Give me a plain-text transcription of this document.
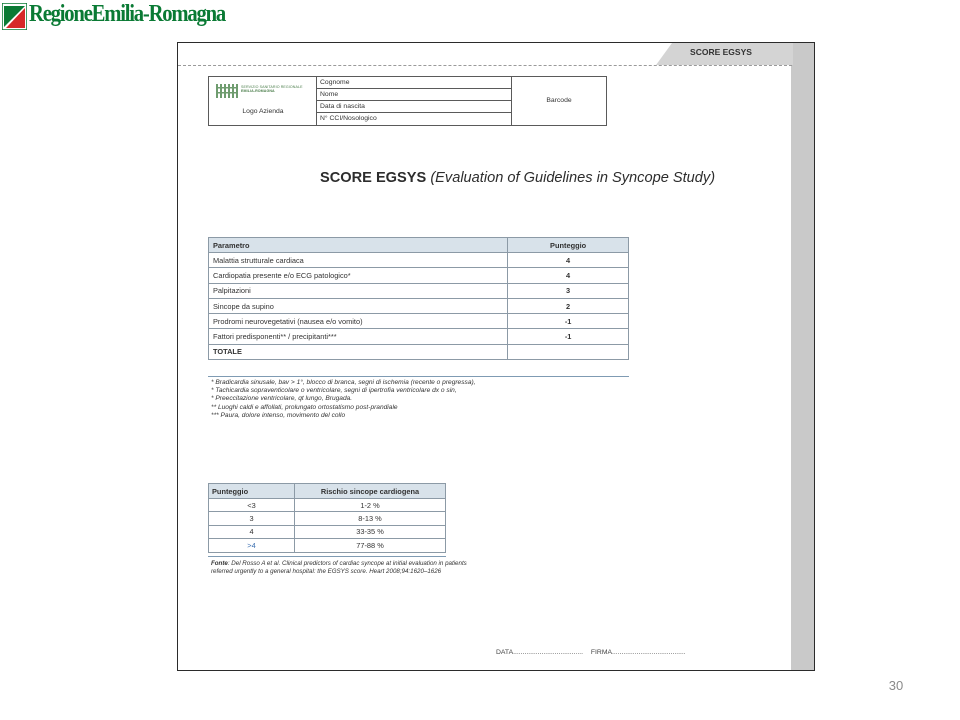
RegioneEmilia-Romagna
SCORE EGSYS
SERVIZIO SANITARIO REGIONALE
EMILIA-ROMAGNA
Logo Azienda
Cognome
Nome
Data di nascita
N° CCI/Nosologico
Barcode
SCORE EGSYS (Evaluation of Guidelines in Syncope Study)
Parametro	Punteggio
Malattia strutturale cardiaca	4
Cardiopatia presente e/o ECG patologico*	4
Palpitazioni	3
Sincope da supino	2
Prodromi neurovegetativi (nausea e/o vomito)	-1
Fattori predisponenti** / precipitanti***	-1
TOTALE	
* Bradicardia sinusale, bav > 1°, blocco di branca, segni di ischemia (recente o pregressa),
* Tachicardia sopraventicolare o ventricolare, segni di ipertrofia ventricolare dx o sin,
* Preeccitazione ventricolare, qt lungo, Brugada.
** Luoghi caldi e affollati, prolungato ortostatismo post-prandiale
*** Paura, dolore intenso, movimento del collo
Punteggio	Rischio sincope cardiogena
<3	1-2 %
3	8-13 %
4	33-35 %
>4	77-88 %
Fonte: Del Rosso A et al. Clinical predictors of cardiac syncope at initial evaluation in patients referred urgently to a general hospital: the EGSYS score. Heart 2008;94:1620–1626
DATA..................................... FIRMA.......................................
30
